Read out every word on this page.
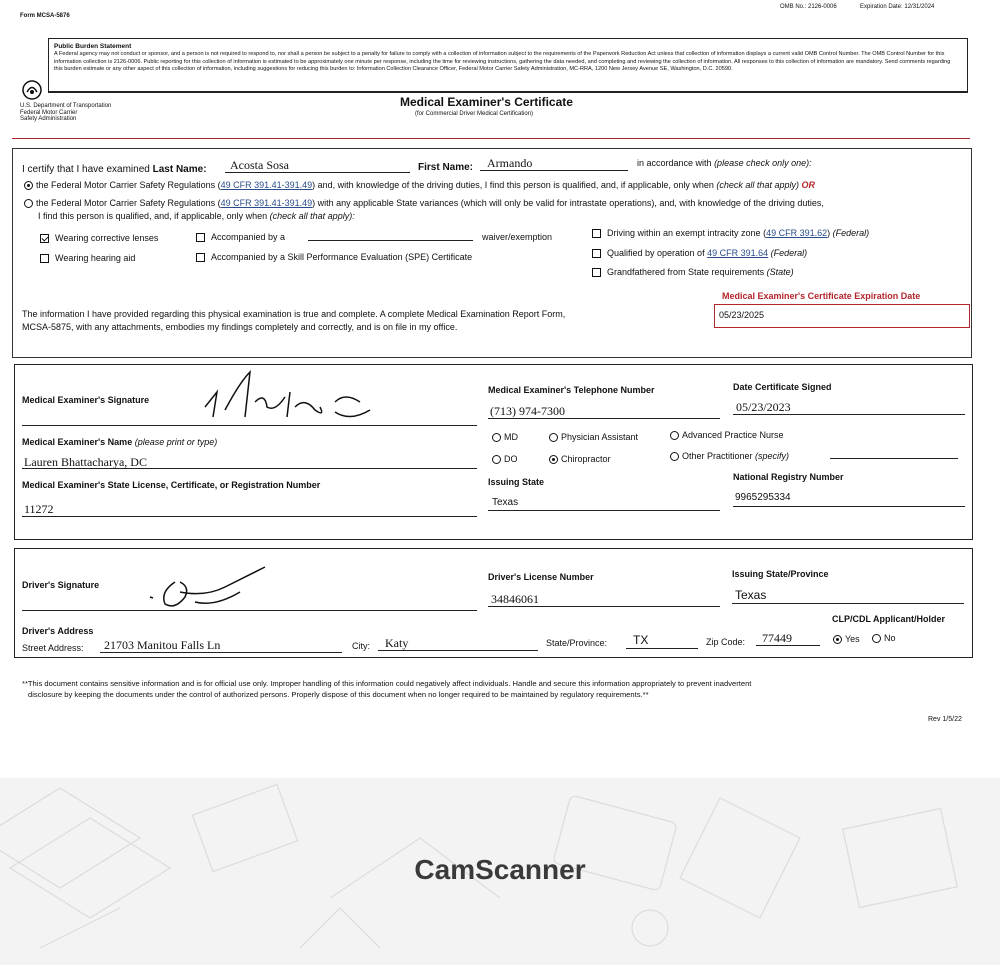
Form MCSA-5876
OMB No.: 2126-0006	Expiration Date: 12/31/2024
Public Burden Statement
A Federal agency may not conduct or sponsor, and a person is not required to respond to, nor shall a person be subject to a penalty for failure to comply with a collection of information subject to the requirements of the Paperwork Reduction Act unless that collection of information displays a current valid OMB Control Number. The OMB Control Number for this information collection is 2126-0006. Public reporting for this collection of information is estimated to be approximately one minute per response, including the time for reviewing instructions, gathering the data needed, and completing and reviewing the collection of information. All responses to this collection of information are mandatory. Send comments regarding this burden estimate or any other aspect of this collection of information, including suggestions for reducing this burden to: Information Collection Clearance Officer, Federal Motor Carrier Safety Administration, MC-RRA, 1200 New Jersey Avenue SE, Washington, D.C. 20590.
U.S. Department of Transportation
Federal Motor Carrier
Safety Administration
Medical Examiner's Certificate
(for Commercial Driver Medical Certification)
I certify that I have examined Last Name: Acosta Sosa	First Name: Armando	in accordance with (please check only one):
the Federal Motor Carrier Safety Regulations (49 CFR 391.41-391.49) and, with knowledge of the driving duties, I find this person is qualified, and, if applicable, only when (check all that apply) OR
the Federal Motor Carrier Safety Regulations (49 CFR 391.41-391.49) with any applicable State variances (which will only be valid for intrastate operations), and, with knowledge of the driving duties,
I find this person is qualified, and, if applicable, only when (check all that apply):
Wearing corrective lenses
Wearing hearing aid
Accompanied by a	waiver/exemption
Accompanied by a Skill Performance Evaluation (SPE) Certificate
Driving within an exempt intracity zone (49 CFR 391.62) (Federal)
Qualified by operation of 49 CFR 391.64 (Federal)
Grandfathered from State requirements (State)
The information I have provided regarding this physical examination is true and complete. A complete Medical Examination Report Form,
MCSA-5875, with any attachments, embodies my findings completely and correctly, and is on file in my office.
Medical Examiner's Certificate Expiration Date
05/23/2025
Medical Examiner's Signature
Medical Examiner's Name (please print or type)
Lauren Bhattacharya, DC
Medical Examiner's State License, Certificate, or Registration Number
11272
Medical Examiner's Telephone Number
(713) 974-7300
Date Certificate Signed
05/23/2023
MD
DO
Physician Assistant
Chiropractor
Advanced Practice Nurse
Other Practitioner (specify)
Issuing State
Texas
National Registry Number
9965295334
Driver's Signature
Driver's License Number
34846061
Issuing State/Province
Texas
Driver's Address
Street Address: 21703 Manitou Falls Ln	City: Katy	State/Province: TX	Zip Code: 77449
CLP/CDL Applicant/Holder
Yes	No
**This document contains sensitive information and is for official use only. Improper handling of this information could negatively affect individuals. Handle and secure this information appropriately to prevent inadvertent
disclosure by keeping the documents under the control of authorized persons. Properly dispose of this document when no longer required to be maintained by regulatory requirements.**
Rev 1/5/22
CamScanner
